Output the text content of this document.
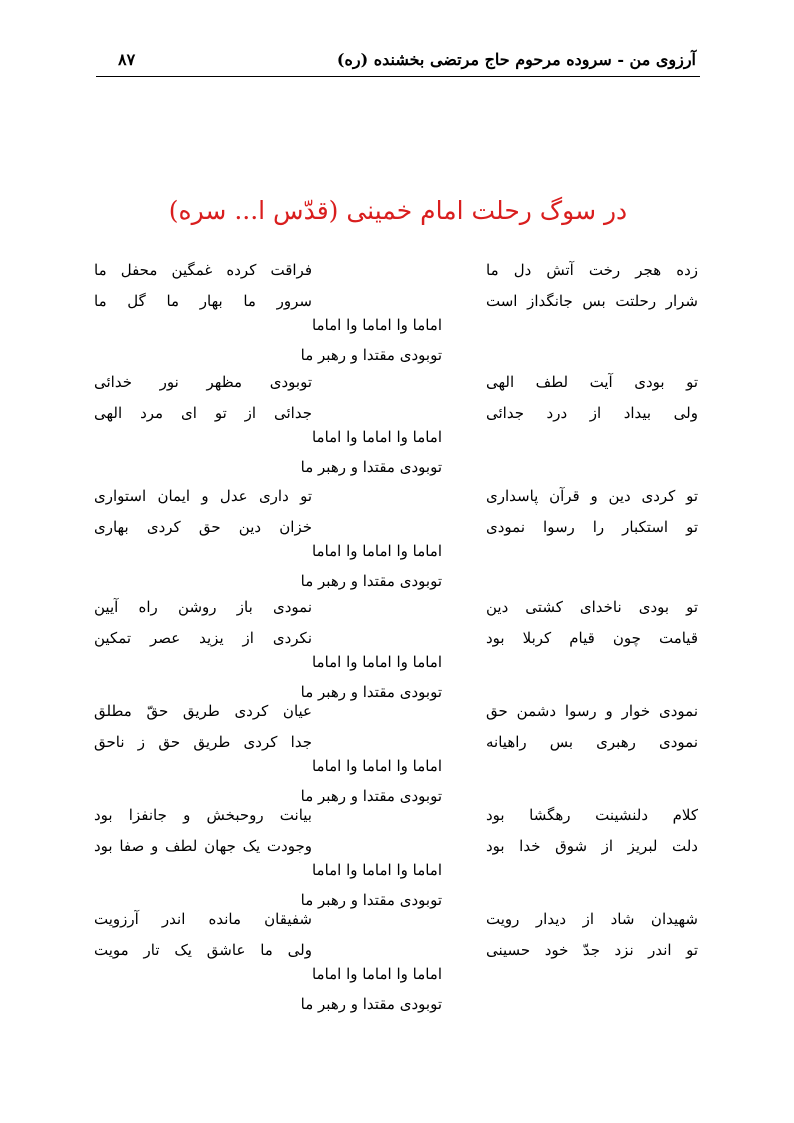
آرزوی من - سروده مرحوم حاج مرتضی بخشنده (ره)
۸۷
در سوگ رحلت امام خمینی (قدّس ا... سره)
زده هجر رخت آتش دل ما
شرار رحلتت بس جانگداز است
فراقت کرده غمگین محفل ما
سرور ما بهار ما گل ما
اماما وا اماما وا اماما
توبودی مقتدا و رهبر ما
تو بودی آیت لطف الهی
ولی بیداد از درد جدائی
توبودی مظهر نور خدائی
جدائی از تو ای مرد الهی
اماما وا اماما وا اماما
توبودی مقتدا و رهبر ما
تو کردی دین و قرآن پاسداری
تو استکبار را رسوا نمودی
تو داری عدل و ایمان استواری
خزان دین حق کردی بهاری
اماما وا اماما وا اماما
توبودی مقتدا و رهبر ما
تو بودی ناخدای کشتی دین
قیامت چون قیام کربلا بود
نمودی باز روشن راه آیین
نکردی از یزید عصر تمکین
اماما وا اماما وا اماما
توبودی مقتدا و رهبر ما
نمودی خوار و رسوا دشمن حق
نمودی رهبری بس راهیانه
عیان کردی طریق حقّ مطلق
جدا کردی طریق حق ز ناحق
اماما وا اماما وا اماما
توبودی مقتدا و رهبر ما
کلام دلنشینت رهگشا بود
دلت لبریز از شوق خدا بود
بیانت روحبخش و جانفزا بود
وجودت یک جهان لطف و صفا بود
اماما وا اماما وا اماما
توبودی مقتدا و رهبر ما
شهیدان شاد از دیدار رویت
تو اندر نزد جدّ خود حسینی
شفیقان مانده اندر آرزویت
ولی ما عاشق یک تار مویت
اماما وا اماما وا اماما
توبودی مقتدا و رهبر ما
